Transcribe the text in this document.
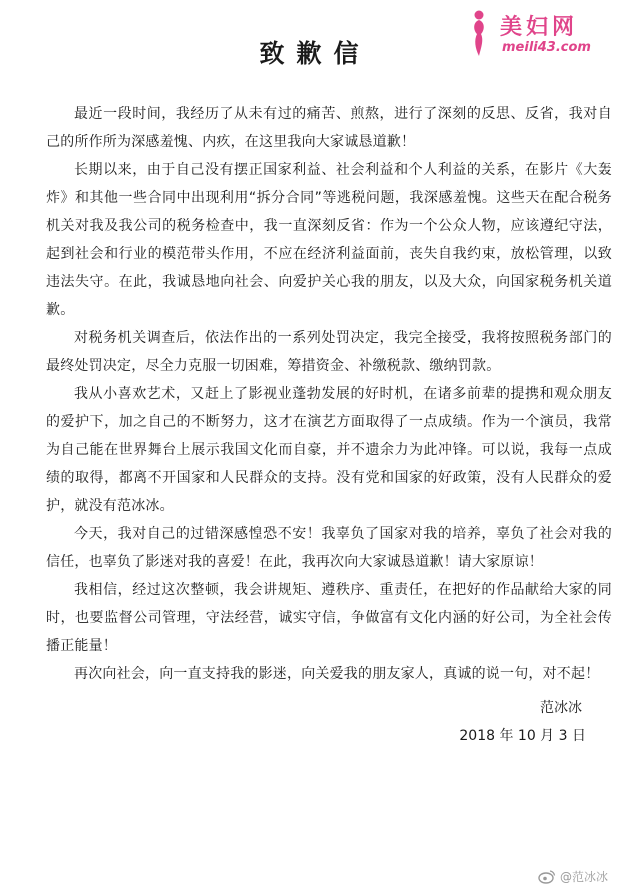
美妇网
meili43.com
致歉信

最近一段时间，我经历了从未有过的痛苦、煎熬，进行了深刻的反思、反省，我对自己的所作所为深感羞愧、内疚，在这里我向大家诚恳道歉！

长期以来，由于自己没有摆正国家利益、社会利益和个人利益的关系，在影片《大轰炸》和其他一些合同中出现利用“拆分合同”等逃税问题，我深感羞愧。这些天在配合税务机关对我及我公司的税务检查中，我一直深刻反省：作为一个公众人物，应该遵纪守法，起到社会和行业的模范带头作用，不应在经济利益面前，丧失自我约束，放松管理，以致违法失守。在此，我诚恳地向社会、向爱护关心我的朋友，以及大众，向国家税务机关道歉。

对税务机关调查后，依法作出的一系列处罚决定，我完全接受，我将按照税务部门的最终处罚决定，尽全力克服一切困难，筹措资金、补缴税款、缴纳罚款。

我从小喜欢艺术，又赶上了影视业蓬勃发展的好时机，在诸多前辈的提携和观众朋友的爱护下，加之自己的不断努力，这才在演艺方面取得了一点成绩。作为一个演员，我常为自己能在世界舞台上展示我国文化而自豪，并不遗余力为此冲锋。可以说，我每一点成绩的取得，都离不开国家和人民群众的支持。没有党和国家的好政策，没有人民群众的爱护，就没有范冰冰。

今天，我对自己的过错深感惶恐不安！我辜负了国家对我的培养，辜负了社会对我的信任，也辜负了影迷对我的喜爱！在此，我再次向大家诚恳道歉！请大家原谅！

我相信，经过这次整顿，我会讲规矩、遵秩序、重责任，在把好的作品献给大家的同时，也要监督公司管理，守法经营，诚实守信，争做富有文化内涵的好公司，为全社会传播正能量！

再次向社会，向一直支持我的影迷，向关爱我的朋友家人，真诚的说一句，对不起！

范冰冰
2018 年 10 月 3 日
@范冰冰
